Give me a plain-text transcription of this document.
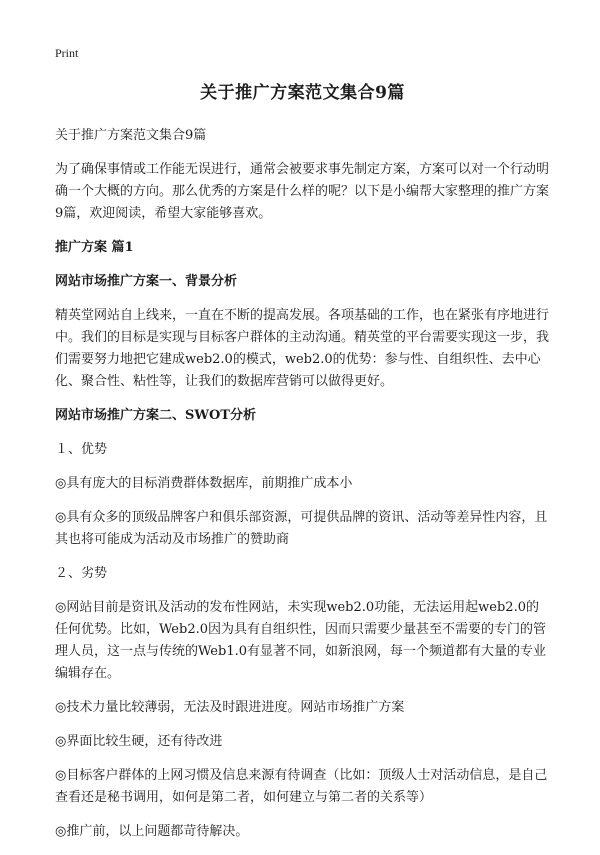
Print
关于推广方案范文集合9篇
关于推广方案范文集合9篇
为了确保事情或工作能无误进行，通常会被要求事先制定方案，方案可以对一个行动明确一个大概的方向。那么优秀的方案是什么样的呢？以下是小编帮大家整理的推广方案9篇，欢迎阅读，希望大家能够喜欢。
推广方案 篇1
网站市场推广方案一、背景分析
精英堂网站自上线来，一直在不断的提高发展。各项基础的工作，也在紧张有序地进行中。我们的目标是实现与目标客户群体的主动沟通。精英堂的平台需要实现这一步，我们需要努力地把它建成web2.0的模式，web2.0的优势：参与性、自组织性、去中心化、聚合性、粘性等，让我们的数据库营销可以做得更好。
网站市场推广方案二、SWOT分析
１、优势
◎具有庞大的目标消费群体数据库，前期推广成本小
◎具有众多的顶级品牌客户和俱乐部资源，可提供品牌的资讯、活动等差异性内容，且其也将可能成为活动及市场推广的赞助商
２、劣势
◎网站目前是资讯及活动的发布性网站，未实现web2.0功能，无法运用起web2.0的任何优势。比如，Web2.0因为具有自组织性，因而只需要少量甚至不需要的专门的管理人员，这一点与传统的Web1.0有显著不同，如新浪网，每一个频道都有大量的专业编辑存在。
◎技术力量比较薄弱，无法及时跟进进度。网站市场推广方案
◎界面比较生硬，还有待改进
◎目标客户群体的上网习惯及信息来源有待调查（比如：顶级人士对活动信息，是自己查看还是秘书调用，如何是第二者，如何建立与第二者的关系等）
◎推广前，以上问题都苛待解决。
